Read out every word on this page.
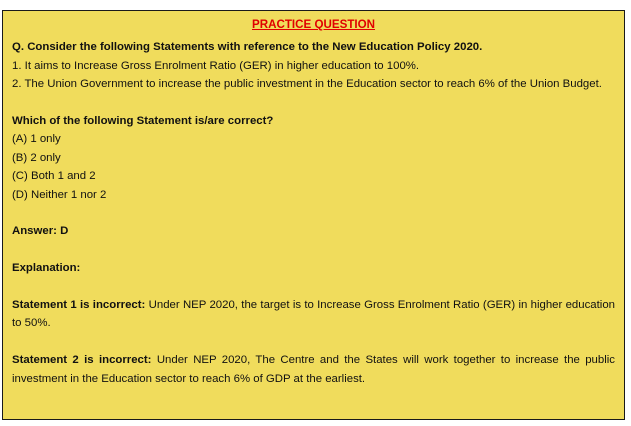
PRACTICE QUESTION
Q. Consider the following Statements with reference to the New Education Policy 2020.
1. It aims to Increase Gross Enrolment Ratio (GER) in higher education to 100%.
2. The Union Government to increase the public investment in the Education sector to reach 6% of the Union Budget.
Which of the following Statement is/are correct?
(A) 1 only
(B) 2 only
(C) Both 1 and 2
(D) Neither 1 nor 2
Answer: D
Explanation:
Statement 1 is incorrect: Under NEP 2020, the target is to Increase Gross Enrolment Ratio (GER) in higher education to 50%.
Statement 2 is incorrect: Under NEP 2020, The Centre and the States will work together to increase the public investment in the Education sector to reach 6% of GDP at the earliest.
